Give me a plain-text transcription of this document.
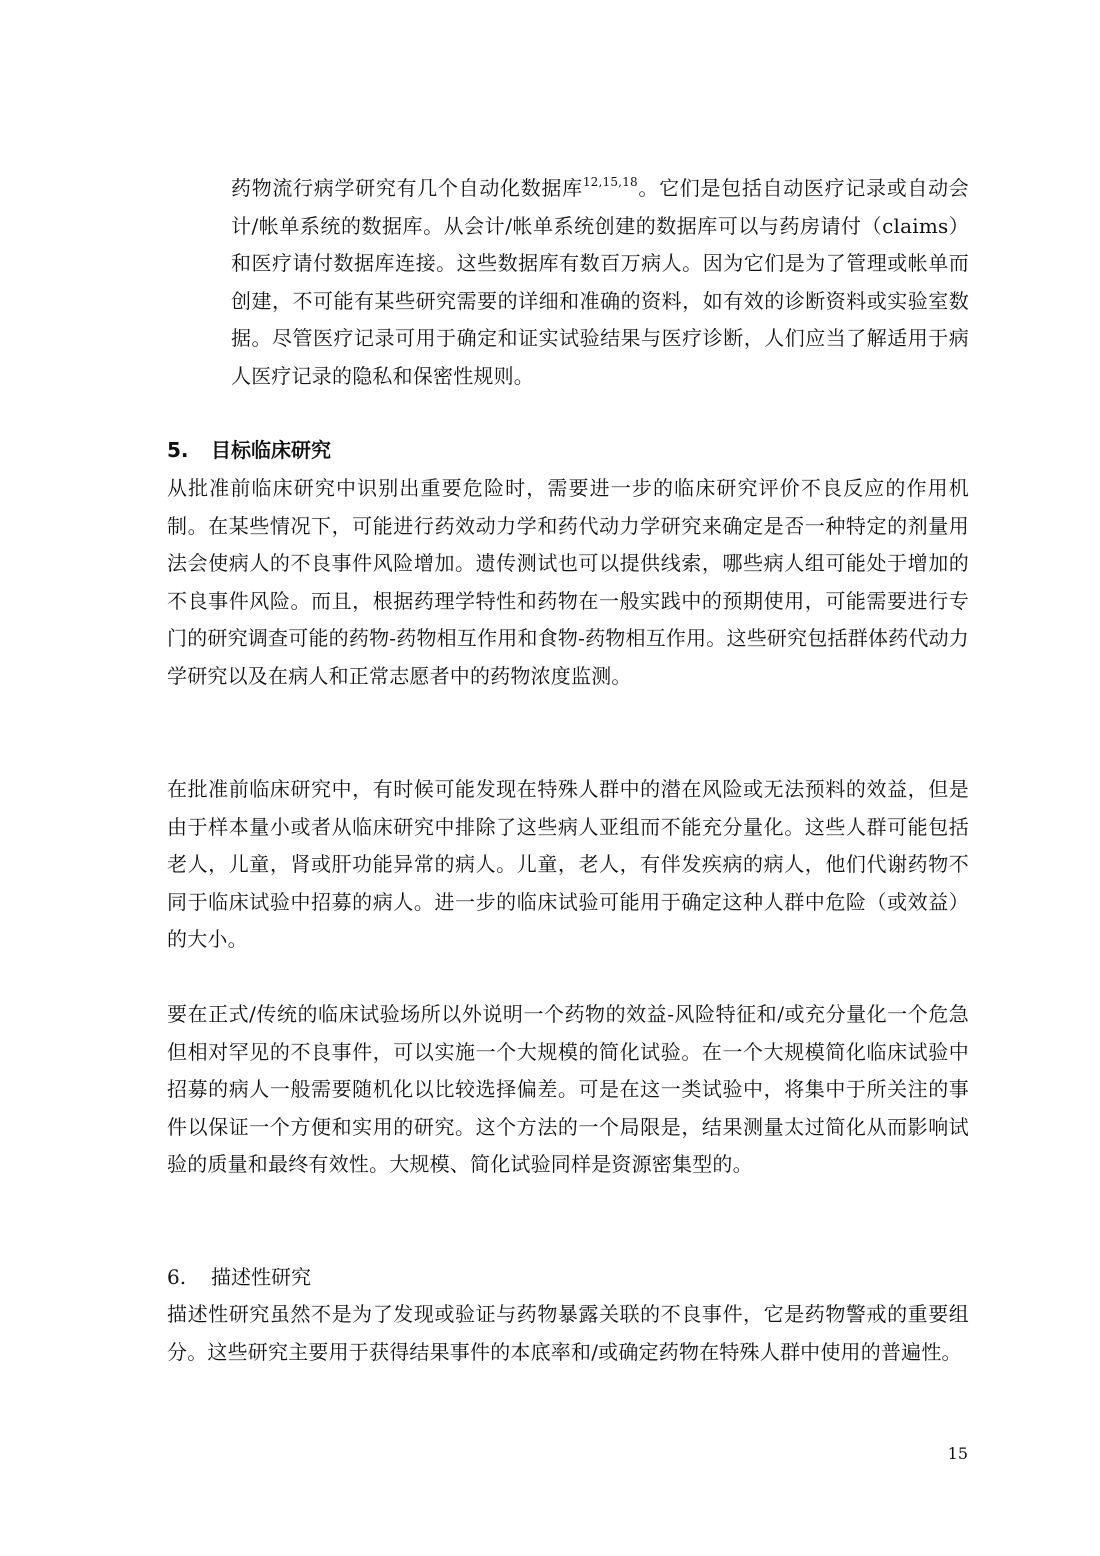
药物流行病学研究有几个自动化数据库$^{12,15,18}$。它们是包括自动医疗记录或自动会计/帐单系统的数据库。从会计/帐单系统创建的数据库可以与药房请付（claims）和医疗请付数据库连接。这些数据库有数百万病人。因为它们是为了管理或帐单而创建，不可能有某些研究需要的详细和准确的资料，如有效的诊断资料或实验室数据。尽管医疗记录可用于确定和证实试验结果与医疗诊断，人们应当了解适用于病人医疗记录的隐私和保密性规则。

5. 目标临床研究

从批准前临床研究中识别出重要危险时，需要进一步的临床研究评价不良反应的作用机制。在某些情况下，可能进行药效动力学和药代动力学研究来确定是否一种特定的剂量用法会使病人的不良事件风险增加。遗传测试也可以提供线索，哪些病人组可能处于增加的不良事件风险。而且，根据药理学特性和药物在一般实践中的预期使用，可能需要进行专门的研究调查可能的药物-药物相互作用和食物-药物相互作用。这些研究包括群体药代动力学研究以及在病人和正常志愿者中的药物浓度监测。

在批准前临床研究中，有时候可能发现在特殊人群中的潜在风险或无法预料的效益，但是由于样本量小或者从临床研究中排除了这些病人亚组而不能充分量化。这些人群可能包括老人，儿童，肾或肝功能异常的病人。儿童，老人，有伴发疾病的病人，他们代谢药物不同于临床试验中招募的病人。进一步的临床试验可能用于确定这种人群中危险（或效益）的大小。

要在正式/传统的临床试验场所以外说明一个药物的效益-风险特征和/或充分量化一个危急但相对罕见的不良事件，可以实施一个大规模的简化试验。在一个大规模简化临床试验中招募的病人一般需要随机化以比较选择偏差。可是在这一类试验中，将集中于所关注的事件以保证一个方便和实用的研究。这个方法的一个局限是，结果测量太过简化从而影响试验的质量和最终有效性。大规模、简化试验同样是资源密集型的。

6. 描述性研究

描述性研究虽然不是为了发现或验证与药物暴露关联的不良事件，它是药物警戒的重要组分。这些研究主要用于获得结果事件的本底率和/或确定药物在特殊人群中使用的普遍性。

15
